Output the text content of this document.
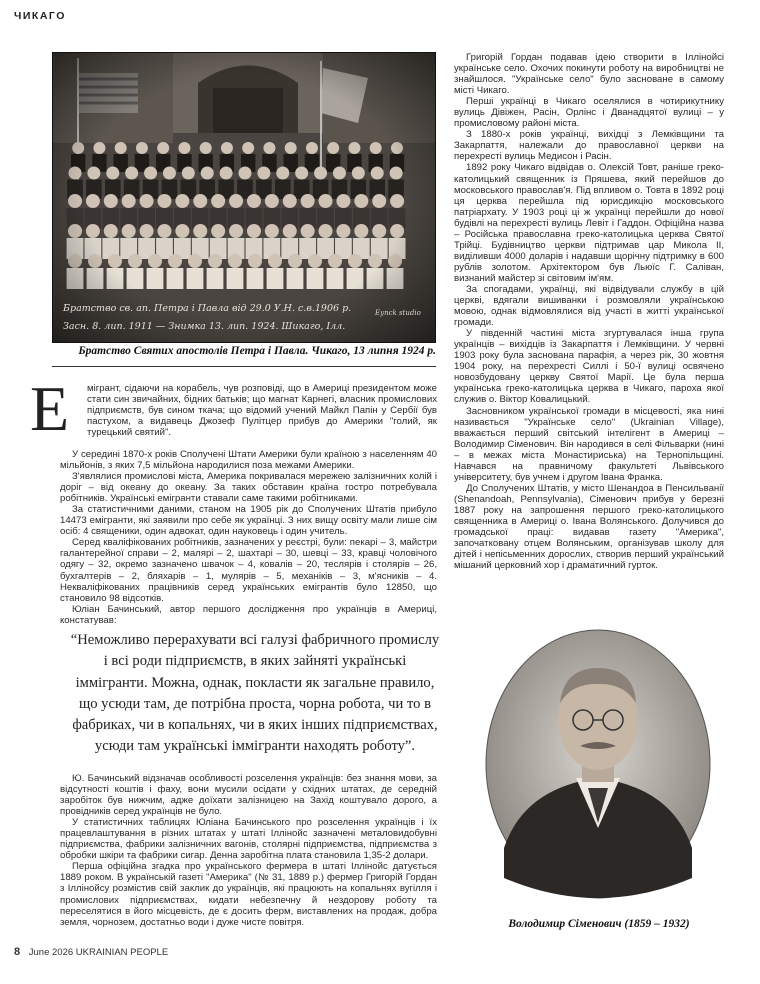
ЧИКАГО
Братство св. ап. Петра і Павла від 29.0 У.Н. с.в.1906 р.
Засн. 8. лип. 1911 — Знимка 13. лип. 1924. Шикаго, Ілл.
Eynck studio
Братство Святих апостолів Петра і Павла. Чикаго, 13 липня 1924 р.
Е мігрант, сідаючи на корабель, чув розповіді, що в Америці президентом може стати син звичайних, бідних батьків; що магнат Карнегі, власник промислових підприємств, був сином ткача; що відомий учений Майкл Папін у Сербії був пастухом, а видавець Джозеф Пулітцер прибув до Америки "голий, як турецький святий".

У середині 1870-х років Сполучені Штати Америки були країною з населенням 40 мільйонів, з яких 7,5 мільйона народилися поза межами Америки.

З'являлися промислові міста, Америка покривалася мережею залізничних колій і доріг – від океану до океану. За таких обставин країна гостро потребувала робітників. Українські емігранти ставали саме такими робітниками.

За статистичними даними, станом на 1905 рік до Сполучених Штатів прибуло 14473 емігранти, які заявили про себе як українці. З них вищу освіту мали лише сім осіб: 4 священики, один адвокат, один науковець і один учитель.

Серед кваліфікованих робітників, зазначених у реєстрі, були: пекарі – 3, майстри галантерейної справи – 2, малярі – 2, шахтарі – 30, шевці – 33, кравці чоловічого одягу – 32, окремо зазначено швачок – 4, ковалів – 20, теслярів і столярів – 26, бухгалтерів – 2, бляхарів – 1, мулярів – 5, механіків – 3, м'ясників – 4. Некваліфікованих працівників серед українських емігрантів було 12850, що становило 98 відсотків.

Юліан Бачинський, автор першого дослідження про українців в Америці, констатував:

“Неможливо перерахувати всі галузі фабричного промислу і всі роди підприємств, в яких зайняті українські іммігранти. Можна, однак, покласти як загальне правило, що усюди там, де потрібна проста, чорна робота, чи то в фабриках, чи в копальнях, чи в яких інших підприємствах, усюди там українські іммігранти находять роботу”.

Ю. Бачинський відзначав особливості розселення українців: без знання мови, за відсутності коштів і фаху, вони мусили осідати у східних штатах, де середній заробіток був нижчим, адже доїхати залізницею на Захід коштувало дорого, а провідників серед українців не було.

У статистичних таблицях Юліана Бачинського про розселення українців і їх працевлаштування в різних штатах у штаті Іллінойс зазначені металовидобувні підприємства, фабрики залізничних вагонів, столярні підприємства, підприємства з обробки шкіри та фабрики сигар. Денна заробітна плата становила 1,35-2 долари.

Перша офіційна згадка про українського фермера в штаті Іллінойс датується 1889 роком. В українській газеті "Америка" (№ 31, 1889 р.) фермер Григорій Гордан з Іллінойсу розмістив свій заклик до українців, які працюють на копальнях вугілля і промислових підприємствах, кидати небезпечну й нездорову роботу та переселятися в його місцевість, де є досить ферм, виставлених на продаж, добра земля, чорнозем, достатньо води і дуже чисте повітря.

Григорій Гордан подавав ідею створити в Іллінойсі українське село. Охочих покинути роботу на виробництві не знайшлося. "Українське село" було засноване в самому місті Чикаго.

Перші українці в Чикаго оселялися в чотирикутнику вулиць Дівіжен, Расін, Орлінс і Дванадцятої вулиці – у промисловому районі міста.

З 1880-х років українці, вихідці з Лемківщини та Закарпаття, належали до православної церкви на перехресті вулиць Медисон і Расін.

1892 року Чикаго відвідав о. Олексій Товт, раніше греко-католицький священник із Пряшева, який перейшов до московського православ'я. Під впливом о. Товта в 1892 році ця церква перейшла під юрисдикцію московського патріархату. У 1903 році ці ж українці перейшли до нової будівлі на перехресті вулиць Левіт і Гаддон. Офіційна назва – Російська православна греко-католицька церква Святої Трійці. Будівництво церкви підтримав цар Микола ІІ, виділивши 4000 доларів і надавши щорічну підтримку в 600 рублів золотом. Архітектором був Льюїс Г. Саліван, визнаний майстер зі світовим ім'ям.

За спогадами, українці, які відвідували службу в цій церкві, вдягали вишиванки і розмовляли українською мовою, однак відмовлялися від участі в житті української громади.

У південній частині міста згуртувалася інша група українців – вихідців із Закарпаття і Лемківщини. У червні 1903 року була заснована парафія, а через рік, 30 жовтня 1904 року, на перехресті Силлі і 50-ї вулиці освячено новозбудовану церкву Святої Марії. Це була перша українська греко-католицька церква в Чикаго, пароха якої служив о. Віктор Ковалицький.

Засновником української громади в місцевості, яка нині називається "Українське село" (Ukrainian Village), вважається перший світський інтелігент в Америці – Володимир Сіменович. Він народився в селі Фільварки (нині – в межах міста Монастириська) на Тернопільщині. Навчався на правничому факультеті Львівського університету, був учнем і другом Івана Франка.

До Сполучених Штатів, у місто Шенандоа в Пенсильванії (Shenandoah, Pennsylvania), Сіменович прибув у березні 1887 року на запрошення першого греко-католицького священника в Америці о. Івана Волянського. Долучився до громадської праці: видавав газету "Америка", започатковану отцем Волянським, організував школу для дітей і непісьменних дорослих, створив перший український мішаний церковний хор і драматичний гурток.

Володимир Сіменович (1859 – 1932)
8 June 2026 UKRAINIAN PEOPLE
